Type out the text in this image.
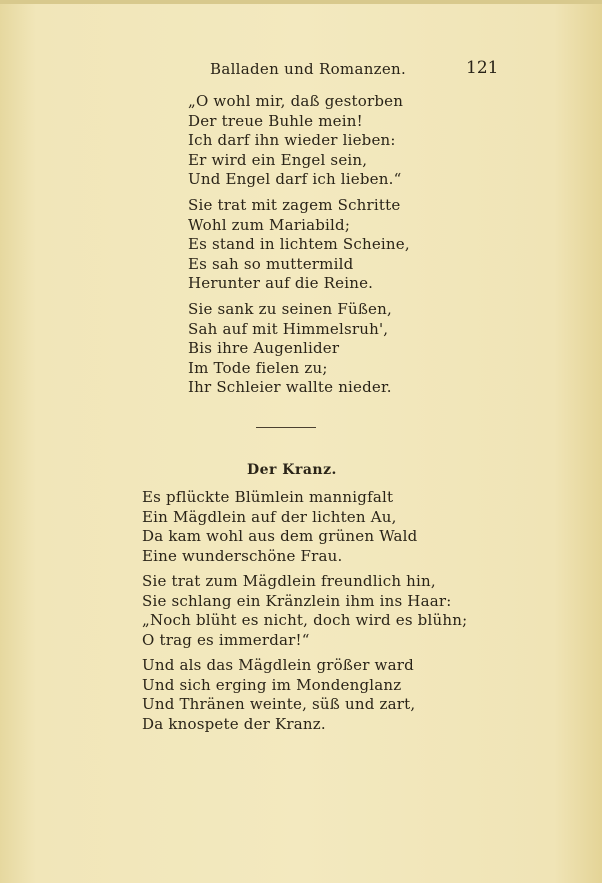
Balladen und Romanzen.	121
„O wohl mir, daß gestorben
Der treue Buhle mein!
Ich darf ihn wieder lieben:
Er wird ein Engel sein,
Und Engel darf ich lieben.“
Sie trat mit zagem Schritte
Wohl zum Mariabild;
Es stand in lichtem Scheine,
Es sah so muttermild
Herunter auf die Reine.
Sie sank zu seinen Füßen,
Sah auf mit Himmelsruh',
Bis ihre Augenlider
Im Tode fielen zu;
Ihr Schleier wallte nieder.
Der Kranz.
Es pflückte Blümlein mannigfalt
Ein Mägdlein auf der lichten Au,
Da kam wohl aus dem grünen Wald
Eine wunderschöne Frau.
Sie trat zum Mägdlein freundlich hin,
Sie schlang ein Kränzlein ihm ins Haar:
„Noch blüht es nicht, doch wird es blühn;
O trag es immerdar!“
Und als das Mägdlein größer ward
Und sich erging im Mondenglanz
Und Thränen weinte, süß und zart,
Da knospete der Kranz.
